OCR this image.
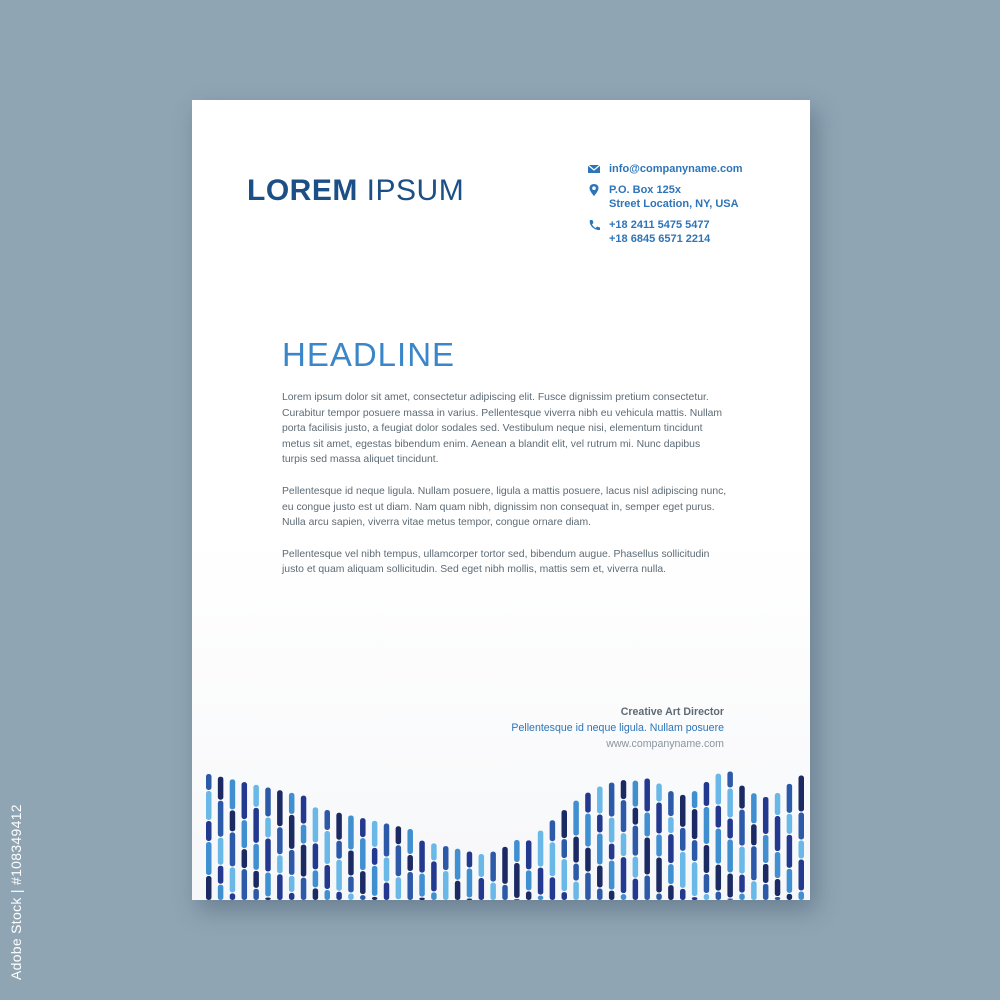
LOREM IPSUM
info@companyname.com
P.O. Box 125x
Street Location, NY, USA
+18 2411 5475 5477
+18 6845 6571 2214
HEADLINE

Lorem ipsum dolor sit amet, consectetur adipiscing elit. Fusce dignissim pretium consectetur. Curabitur tempor posuere massa in varius. Pellentesque viverra nibh eu vehicula mattis. Nullam porta facilisis justo, a feugiat dolor sodales sed. Vestibulum neque nisi, elementum tincidunt metus sit amet, egestas bibendum enim. Aenean a blandit elit, vel rutrum mi. Nunc dapibus turpis sed massa aliquet tincidunt.

Pellentesque id neque ligula. Nullam posuere, ligula a mattis posuere, lacus nisl adipiscing nunc, eu congue justo est ut diam. Nam quam nibh, dignissim non consequat in, semper eget purus. Nulla arcu sapien, viverra vitae metus tempor, congue ornare diam.

Pellentesque vel nibh tempus, ullamcorper tortor sed, bibendum augue. Phasellus sollicitudin justo et quam aliquam sollicitudin. Sed eget nibh mollis, mattis sem et, viverra nulla.

Creative Art Director
Pellentesque id neque ligula. Nullam posuere
www.companyname.com
Adobe Stock | #108349412
